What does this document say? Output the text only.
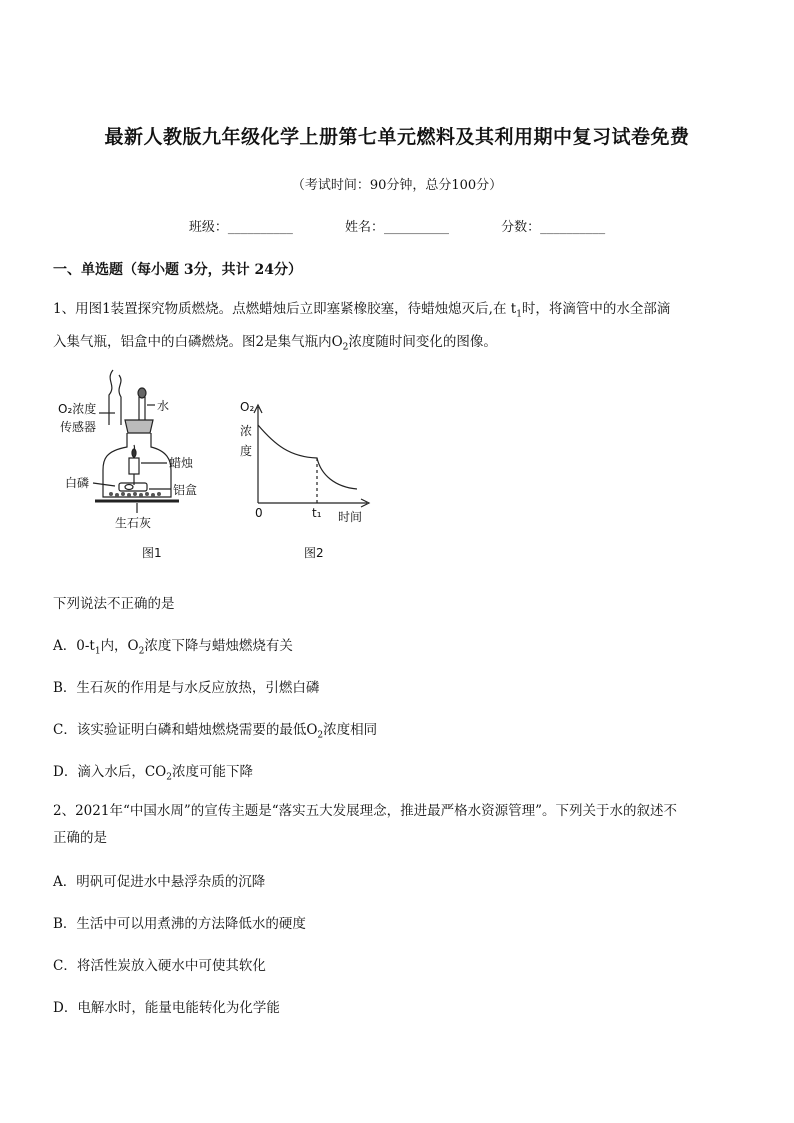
最新人教版九年级化学上册第七单元燃料及其利用期中复习试卷免费
（考试时间：90分钟，总分100分）
班级：__________	姓名：__________	分数：__________
一、单选题（每小题 3分，共计 24分）
1、用图1装置探究物质燃烧。点燃蜡烛后立即塞紧橡胶塞，待蜡烛熄灭后,在 $t_1$时，将滴管中的水全部滴
入集气瓶，铝盒中的白磷燃烧。图2是集气瓶内$O_2$浓度随时间变化的图像。
O₂浓度
传感器
水
蜡烛
白磷	铝盒
生石灰
图1
O₂
浓
度
0	t₁ 时间
图2
下列说法不正确的是
A．$0-t_1$内，$O_2$浓度下降与蜡烛燃烧有关
B．生石灰的作用是与水反应放热，引燃白磷
C．该实验证明白磷和蜡烛燃烧需要的最低$O_2$浓度相同
D．滴入水后，$CO_2$浓度可能下降
2、2021年“中国水周”的宣传主题是“落实五大发展理念，推进最严格水资源管理”。下列关于水的叙述不
正确的是
A．明矾可促进水中悬浮杂质的沉降
B．生活中可以用煮沸的方法降低水的硬度
C．将活性炭放入硬水中可使其软化
D．电解水时，能量电能转化为化学能
